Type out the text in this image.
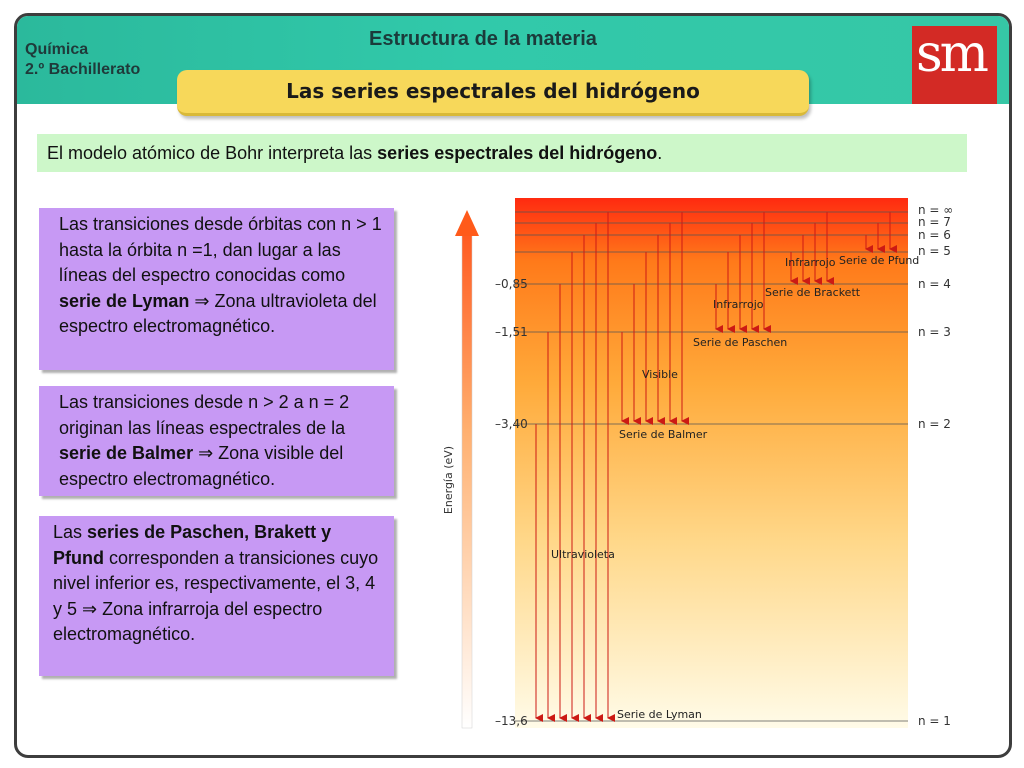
Química
2.º Bachillerato
Estructura de la materia	sm
Las series espectrales del hidrógeno
El modelo atómico de Bohr interpreta las series espectrales del hidrógeno.
Las transiciones desde órbitas con n > 1 hasta la órbita n =1, dan lugar a las líneas del espectro conocidas como serie de Lyman ⇒ Zona ultravioleta del espectro electromagnético.
Las transiciones desde n > 2 a n = 2 originan las líneas espectrales de la serie de Balmer ⇒ Zona visible del espectro electromagnético.
Las series de Paschen, Brakett y Pfund corresponden a transiciones cuyo nivel inferior es, respectivamente, el 3, 4 y 5 ⇒ Zona infrarroja del espectro electromagnético.
Energía (eV)
n = ∞
n = 7
n = 6
n = 5
n = 4
n = 3
n = 2
n = 1
–0,85
–1,51
–3,40
–13,6	Serie de Lyman
Serie de Balmer
Serie de Paschen
Serie de Brackett
Serie de Pfund
Ultravioleta
Visible
Infrarrojo
Infrarrojo
